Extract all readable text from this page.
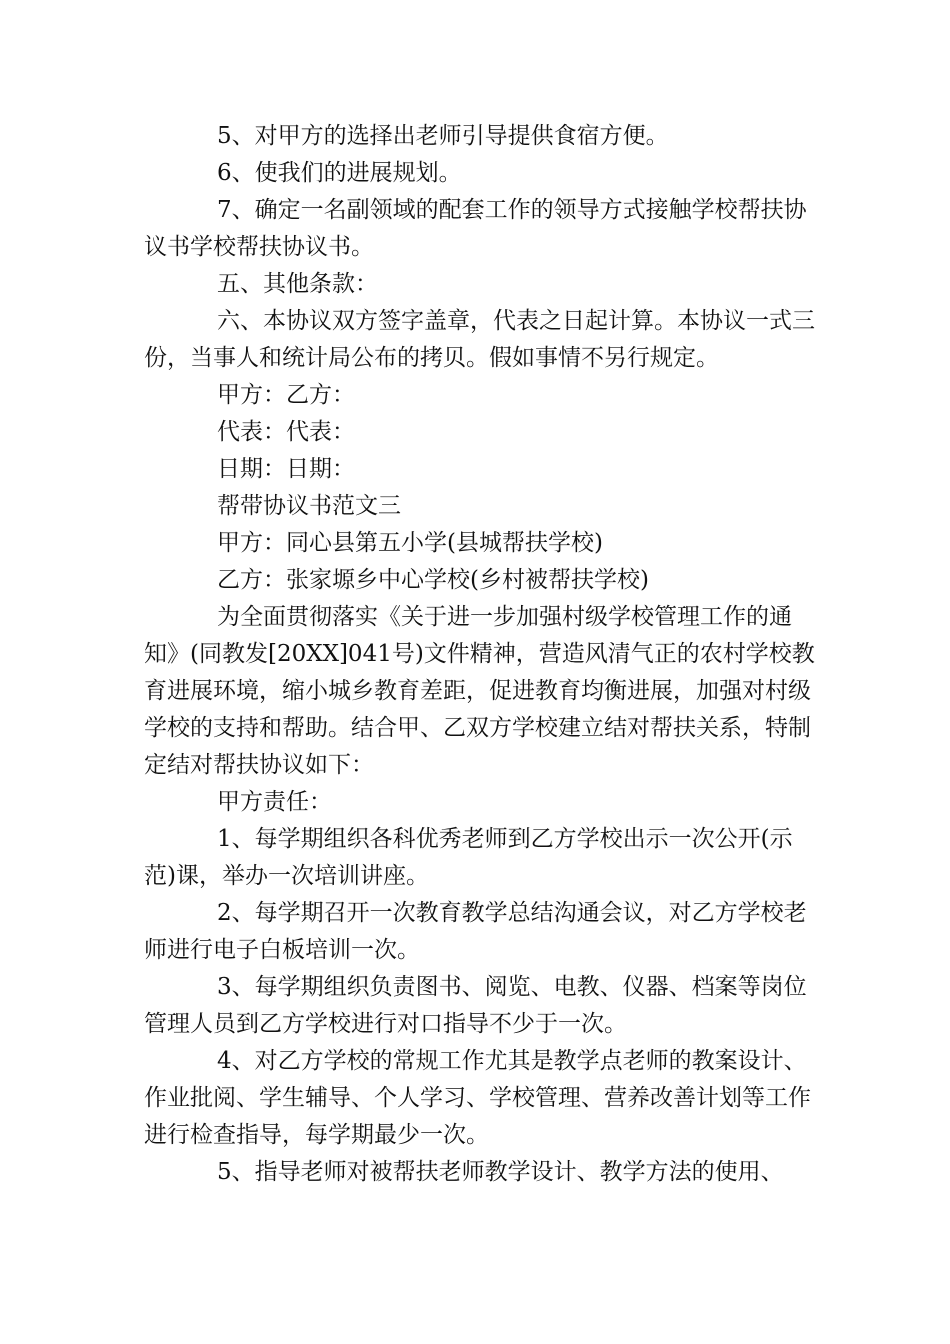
5、对甲方的选择出老师引导提供食宿方便。

6、使我们的进展规划。

7、确定一名副领域的配套工作的领导方式接触学校帮扶协议书学校帮扶协议书。

五、其他条款：

六、本协议双方签字盖章，代表之日起计算。本协议一式三份，当事人和统计局公布的拷贝。假如事情不另行规定。

甲方：乙方：

代表：代表：

日期：日期：

帮带协议书范文三

甲方：同心县第五小学(县城帮扶学校)

乙方：张家塬乡中心学校(乡村被帮扶学校)

为全面贯彻落实《关于进一步加强村级学校管理工作的通知》(同教发[20XX]041号)文件精神，营造风清气正的农村学校教育进展环境，缩小城乡教育差距，促进教育均衡进展，加强对村级学校的支持和帮助。结合甲、乙双方学校建立结对帮扶关系，特制定结对帮扶协议如下：

甲方责任：

1、每学期组织各科优秀老师到乙方学校出示一次公开(示范)课，举办一次培训讲座。

2、每学期召开一次教育教学总结沟通会议，对乙方学校老师进行电子白板培训一次。

3、每学期组织负责图书、阅览、电教、仪器、档案等岗位管理人员到乙方学校进行对口指导不少于一次。

4、对乙方学校的常规工作尤其是教学点老师的教案设计、作业批阅、学生辅导、个人学习、学校管理、营养改善计划等工作进行检查指导，每学期最少一次。

5、指导老师对被帮扶老师教学设计、教学方法的使用、
